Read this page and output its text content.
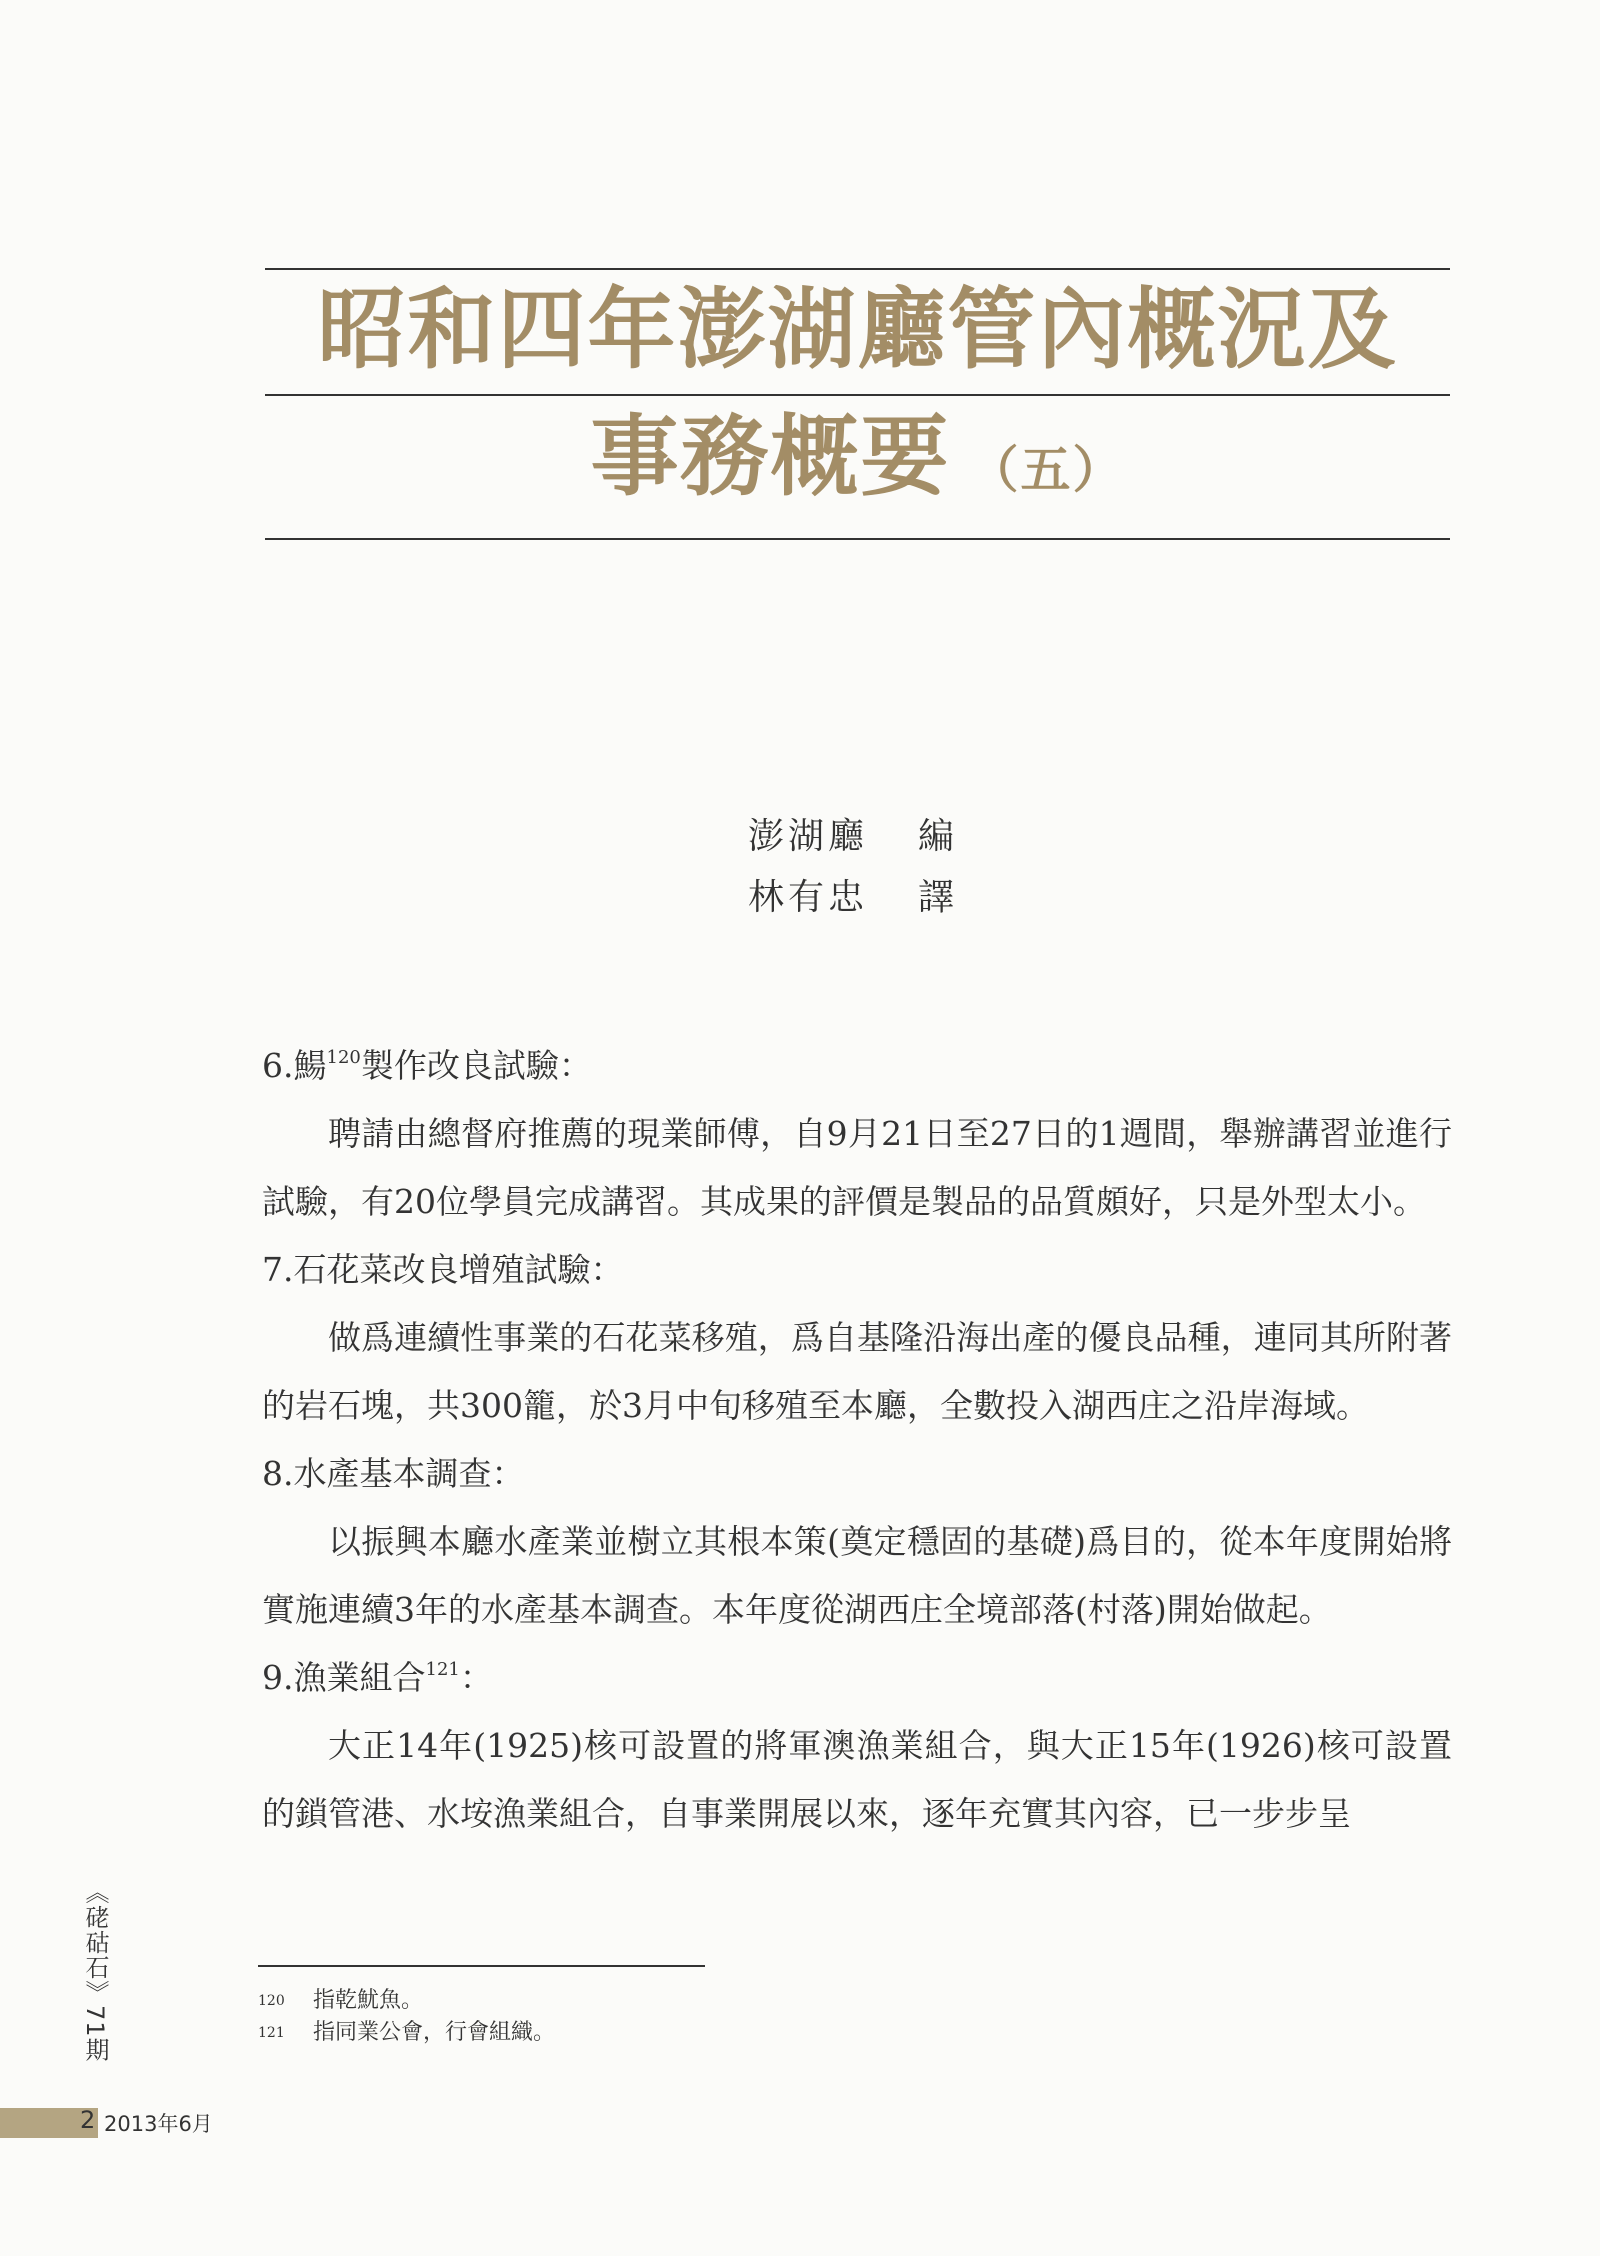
昭和四年澎湖廳管內概況及
事務概要 （五）
澎湖廳 編
林有忠 譯

6.鰑$^{120}$製作改良試驗：

聘請由總督府推薦的現業師傅，自9月21日至27日的1週間，舉辦講習並進行試驗，有20位學員完成講習。其成果的評價是製品的品質頗好，只是外型太小。

7.石花菜改良增殖試驗：

做爲連續性事業的石花菜移殖，爲自基隆沿海出產的優良品種，連同其所附著的岩石塊，共300籠，於3月中旬移殖至本廳，全數投入湖西庄之沿岸海域。

8.水產基本調查：

以振興本廳水產業並樹立其根本策(奠定穩固的基礎)爲目的，從本年度開始將實施連續3年的水產基本調查。本年度從湖西庄全境部落(村落)開始做起。

9.漁業組合$^{121}$：

大正14年(1925)核可設置的將軍澳漁業組合，與大正15年(1926)核可設置的鎖管港、水垵漁業組合，自事業開展以來，逐年充實其內容，已一步步呈

120	指乾魷魚。
121	指同業公會，行會組織。
《硓𥑮石》71期
2 2013年6月
